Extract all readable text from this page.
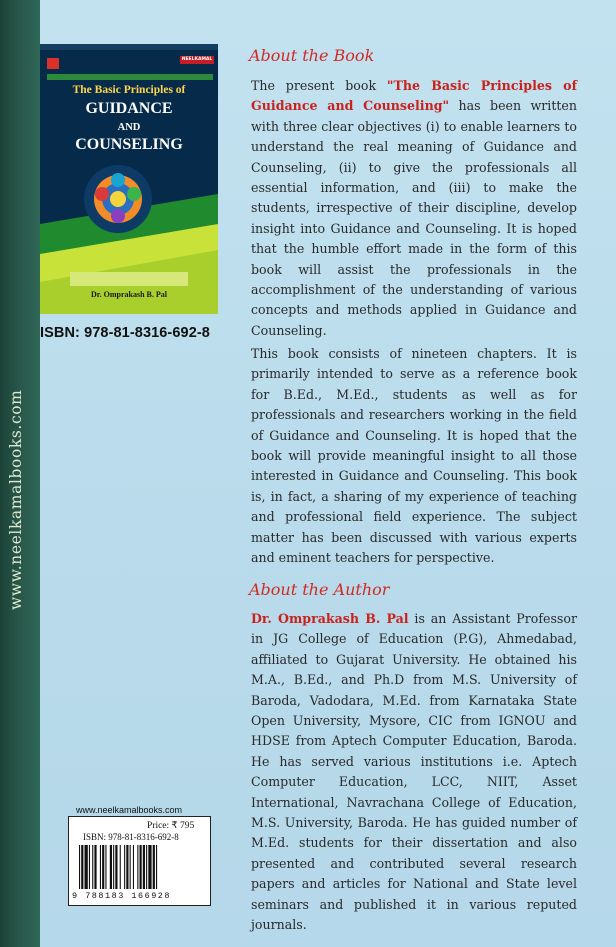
NEELKAMAL
The Basic Principles of
GUIDANCE
AND
COUNSELING
Dr. Omprakash B. Pal
ISBN: 978-81-8316-692-8
www.neelkamalbooks.com
Price: ₹ 795
ISBN: 978-81-8316-692-8
9 788183 166928
About the Book
The present book "The Basic Principles of Guidance and Counseling" has been written with three clear objectives (i) to enable learners to understand the real meaning of Guidance and Counseling, (ii) to give the professionals all essential information, and (iii) to make the students, irrespective of their discipline, develop insight into Guidance and Counseling. It is hoped that the humble effort made in the form of this book will assist the professionals in the accomplishment of the understanding of various concepts and methods applied in Guidance and Counseling.
This book consists of nineteen chapters. It is primarily intended to serve as a reference book for B.Ed., M.Ed., students as well as for professionals and researchers working in the field of Guidance and Counseling. It is hoped that the book will provide meaningful insight to all those interested in Guidance and Counseling. This book is, in fact, a sharing of my experience of teaching and professional field experience. The subject matter has been discussed with various experts and eminent teachers for perspective.
About the Author
Dr. Omprakash B. Pal is an Assistant Professor in JG College of Education (P.G), Ahmedabad, affiliated to Gujarat University. He obtained his M.A., B.Ed., and Ph.D from M.S. University of Baroda, Vadodara, M.Ed. from Karnataka State Open University, Mysore, CIC from IGNOU and HDSE from Aptech Computer Education, Baroda. He has served various institutions i.e. Aptech Computer Education, LCC, NIIT, Asset International, Navrachana College of Education, M.S. University, Baroda. He has guided number of M.Ed. students for their dissertation and also presented and contributed several research papers and articles for National and State level seminars and published it in various reputed journals.
